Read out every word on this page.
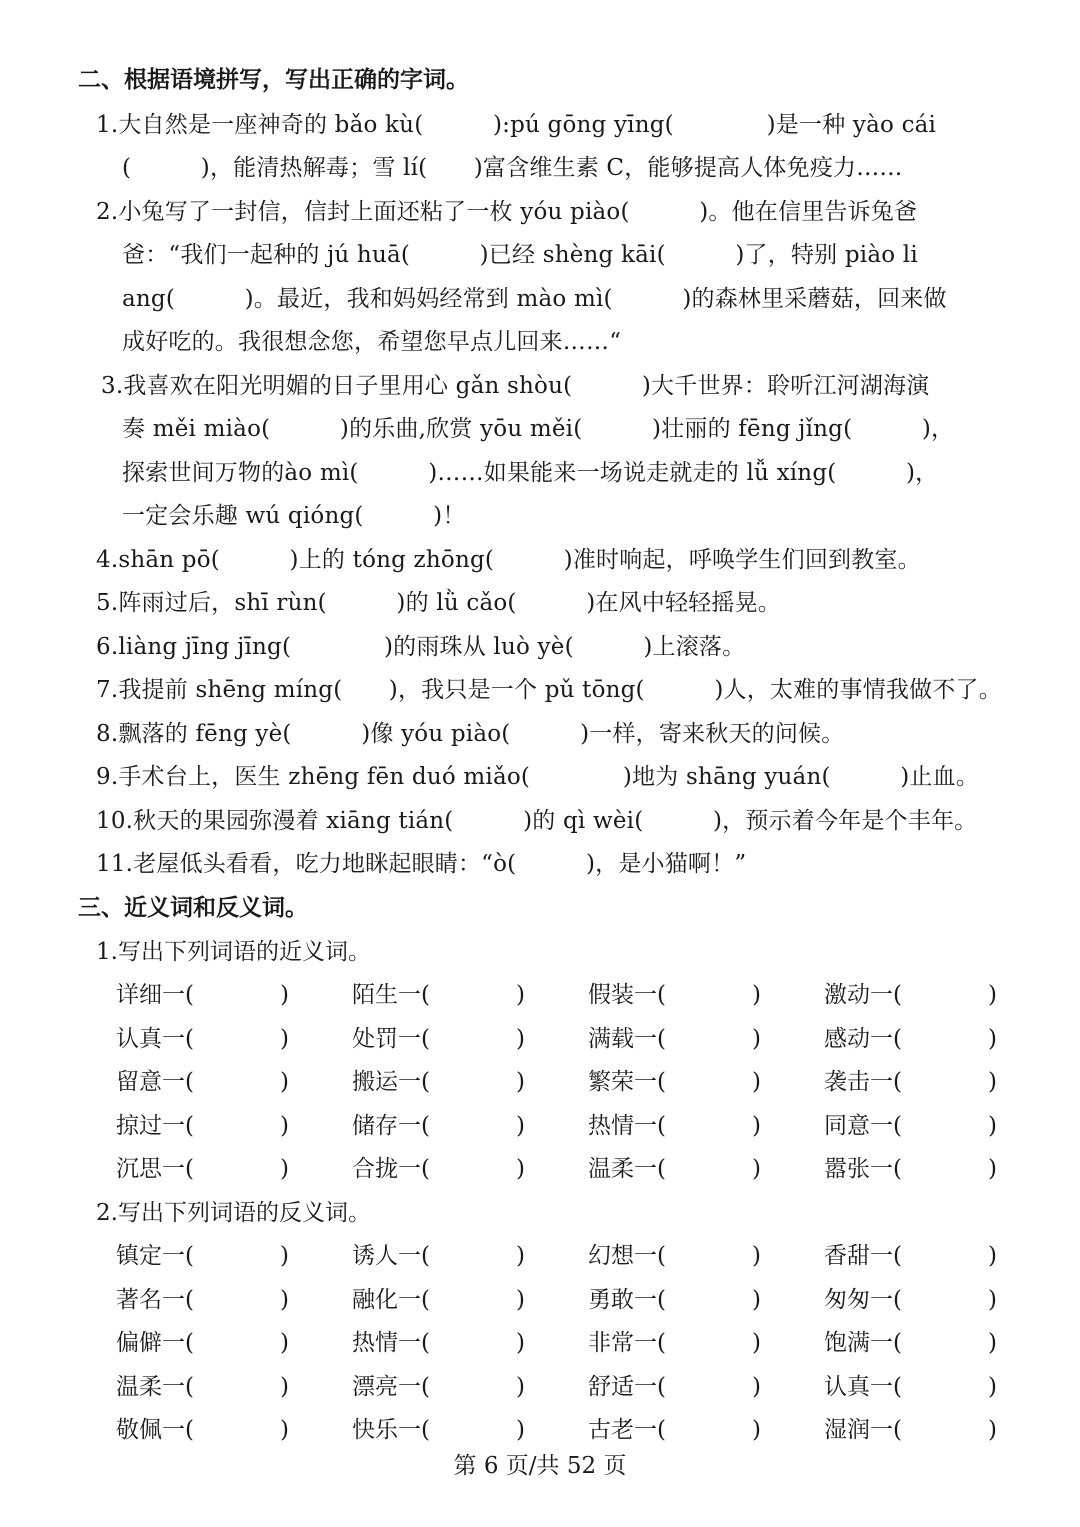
二、根据语境拼写，写出正确的字词。
1.大自然是一座神奇的 bǎo kù(　　　):pú gōng yīng(　　　　)是一种 yào cái
(　　　)，能清热解毒；雪 lí(　　)富含维生素 C，能够提高人体免疫力……
2.小兔写了一封信，信封上面还粘了一枚 yóu piào(　　　)。他在信里告诉兔爸
爸：“我们一起种的 jú huā(　　　)已经 shèng kāi(　　　)了，特别 piào li
ang(　　　)。最近，我和妈妈经常到 mào mì(　　　)的森林里采蘑菇，回来做
成好吃的。我很想念您，希望您早点儿回来……“
3.我喜欢在阳光明媚的日子里用心 gǎn shòu(　　　)大千世界：聆听江河湖海演
奏 měi miào(　　　)的乐曲,欣赏 yōu měi(　　　)壮丽的 fēng jǐng(　　　)，
探索世间万物的ào mì(　　　)……如果能来一场说走就走的 lǚ xíng(　　　)，
一定会乐趣 wú qióng(　　　)！
4.shān pō(　　　)上的 tóng zhōng(　　　)准时响起，呼唤学生们回到教室。
5.阵雨过后，shī rùn(　　　)的 lǜ cǎo(　　　)在风中轻轻摇晃。
6.liàng jīng jīng(　　　　)的雨珠从 luò yè(　　　)上滚落。
7.我提前 shēng míng(　　)，我只是一个 pǔ tōng(　　　)人，太难的事情我做不了。
8.飘落的 fēng yè(　　　)像 yóu piào(　　　)一样，寄来秋天的问候。
9.手术台上，医生 zhēng fēn duó miǎo(　　　　)地为 shāng yuán(　　　)止血。
10.秋天的果园弥漫着 xiāng tián(　　　)的 qì wèi(　　　)，预示着今年是个丰年。
11.老屋低头看看，吃力地眯起眼睛：“ò(　　　)，是小猫啊！”
三、近义词和反义词。
1.写出下列词语的近义词。
详细一(	)	陌生一(	)	假装一(	)	激动一(	)
认真一(	)	处罚一(	)	满载一(	)	感动一(	)
留意一(	)	搬运一(	)	繁荣一(	)	袭击一(	)
掠过一(	)	储存一(	)	热情一(	)	同意一(	)
沉思一(	)	合拢一(	)	温柔一(	)	嚣张一(	)
2.写出下列词语的反义词。
镇定一(	)	诱人一(	)	幻想一(	)	香甜一(	)
著名一(	)	融化一(	)	勇敢一(	)	匆匆一(	)
偏僻一(	)	热情一(	)	非常一(	)	饱满一(	)
温柔一(	)	漂亮一(	)	舒适一(	)	认真一(	)
敬佩一(	)	快乐一(	)	古老一(	)	湿润一(	)
第 6 页/共 52 页
